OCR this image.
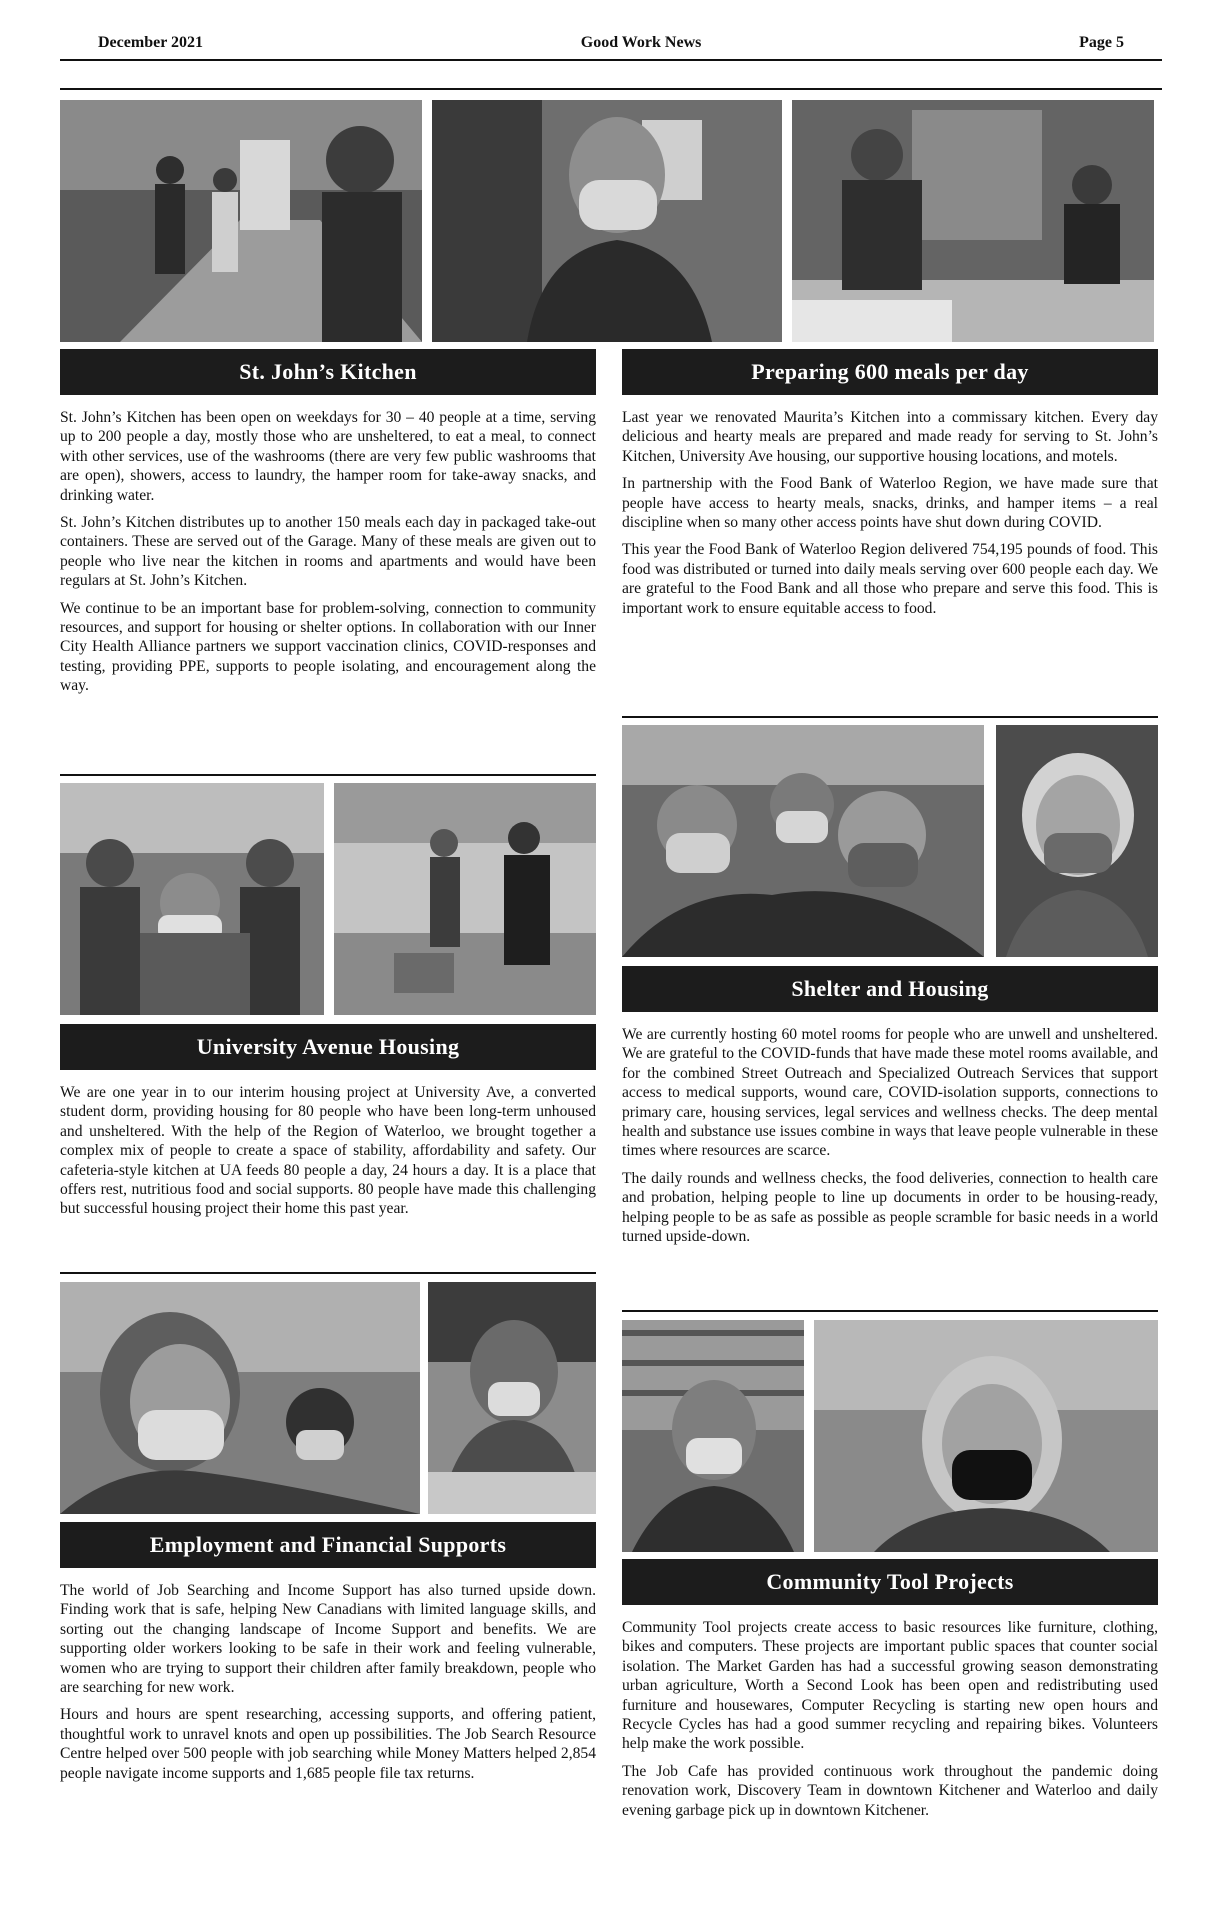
December 2021	Good Work News	Page 5
St. John’s Kitchen	Preparing 600 meals per day

St. John’s Kitchen has been open on weekdays for 30 – 40 people at a time, serving up to 200 people a day, mostly those who are unsheltered, to eat a meal, to connect with other services, use of the washrooms (there are very few public washrooms that are open), showers, access to laundry, the hamper room for take-away snacks, and drinking water.

St. John’s Kitchen distributes up to another 150 meals each day in packaged take-out containers. These are served out of the Garage. Many of these meals are given out to people who live near the kitchen in rooms and apartments and would have been regulars at St. John’s Kitchen.

We continue to be an important base for problem-solving, connection to community resources, and support for housing or shelter options. In collaboration with our Inner City Health Alliance partners we support vaccination clinics, COVID-responses and testing, providing PPE, supports to people isolating, and encouragement along the way.

Last year we renovated Maurita’s Kitchen into a commissary kitchen. Every day delicious and hearty meals are prepared and made ready for serving to St. John’s Kitchen, University Ave housing, our supportive housing locations, and motels.

In partnership with the Food Bank of Waterloo Region, we have made sure that people have access to hearty meals, snacks, drinks, and hamper items – a real discipline when so many other access points have shut down during COVID.

This year the Food Bank of Waterloo Region delivered 754,195 pounds of food. This food was distributed or turned into daily meals serving over 600 people each day. We are grateful to the Food Bank and all those who prepare and serve this food. This is important work to ensure equitable access to food.

Shelter and Housing

We are currently hosting 60 motel rooms for people who are unwell and unsheltered. We are grateful to the COVID-funds that have made these motel rooms available, and for the combined Street Outreach and Specialized Outreach Services that support access to medical supports, wound care, COVID-isolation supports, connections to primary care, housing services, legal services and wellness checks. The deep mental health and substance use issues combine in ways that leave people vulnerable in these times where resources are scarce.

The daily rounds and wellness checks, the food deliveries, connection to health care and probation, helping people to line up documents in order to be housing-ready, helping people to be as safe as possible as people scramble for basic needs in a world turned upside-down.

University Avenue Housing

We are one year in to our interim housing project at University Ave, a converted student dorm, providing housing for 80 people who have been long-term unhoused and unsheltered. With the help of the Region of Waterloo, we brought together a complex mix of people to create a space of stability, affordability and safety. Our cafeteria-style kitchen at UA feeds 80 people a day, 24 hours a day. It is a place that offers rest, nutritious food and social supports. 80 people have made this challenging but successful housing project their home this past year.

Employment and Financial Supports

The world of Job Searching and Income Support has also turned upside down. Finding work that is safe, helping New Canadians with limited language skills, and sorting out the changing landscape of Income Support and benefits. We are supporting older workers looking to be safe in their work and feeling vulnerable, women who are trying to support their children after family breakdown, people who are searching for new work.

Hours and hours are spent researching, accessing supports, and offering patient, thoughtful work to unravel knots and open up possibilities. The Job Search Resource Centre helped over 500 people with job searching while Money Matters helped 2,854 people navigate income supports and 1,685 people file tax returns.

Community Tool Projects

Community Tool projects create access to basic resources like furniture, clothing, bikes and computers. These projects are important public spaces that counter social isolation. The Market Garden has had a successful growing season demonstrating urban agriculture, Worth a Second Look has been open and redistributing used furniture and housewares, Computer Recycling is starting new open hours and Recycle Cycles has had a good summer recycling and repairing bikes. Volunteers help make the work possible.

The Job Cafe has provided continuous work throughout the pandemic doing renovation work, Discovery Team in downtown Kitchener and Waterloo and daily evening garbage pick up in downtown Kitchener.
